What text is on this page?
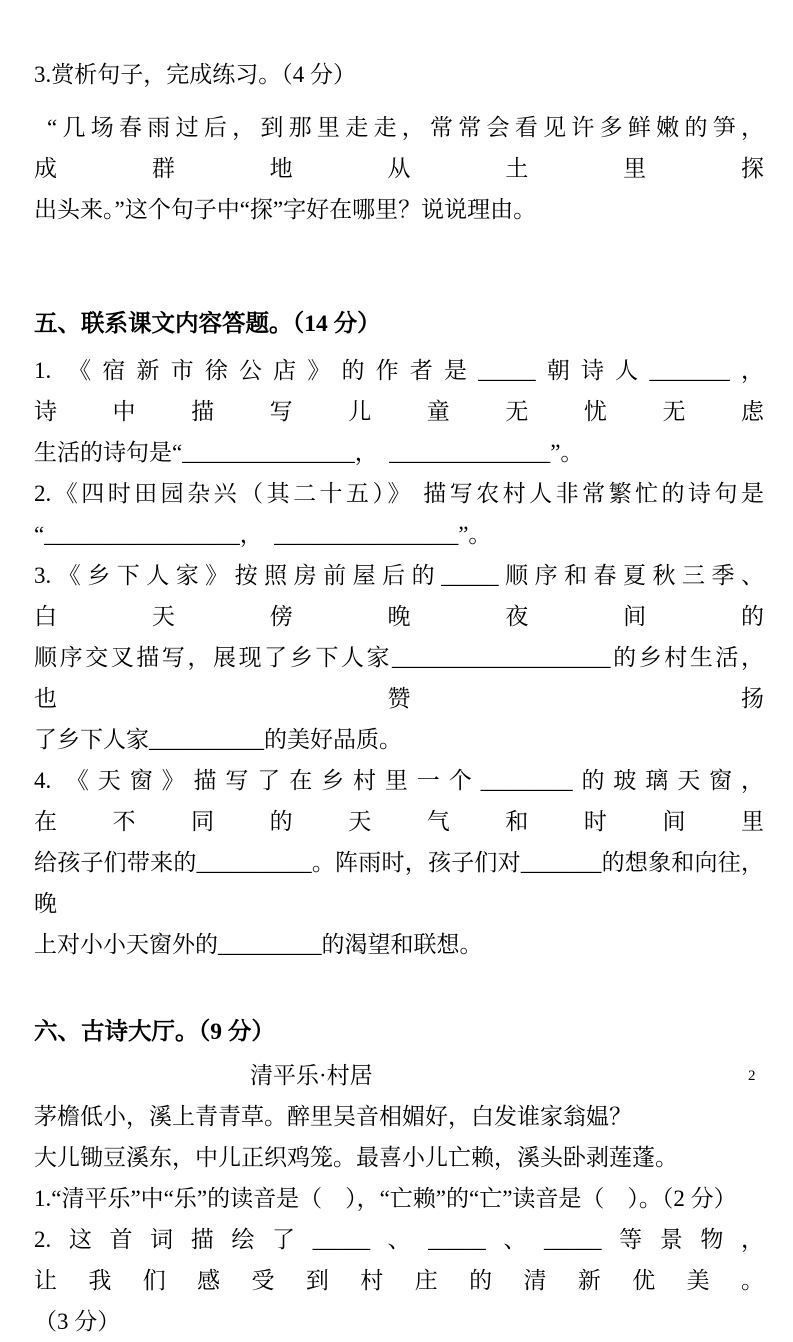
3.赏析句子，完成练习。（4 分）
“几场春雨过后，到那里走走，常常会看见许多鲜嫩的笋，成群地从土里探
出头来。”这个句子中“探”字好在哪里？说说理由。
五、联系课文内容答题。（14 分）
1. 《宿新市徐公店》的作者是_____朝诗人_______，诗中描写儿童无忧无虑
生活的诗句是“_______________，　______________”。
2.《四时田园杂兴（其二十五）》 描写农村人非常繁忙的诗句是
“_________________，　________________”。
3.《乡下人家》按照房前屋后的_____顺序和春夏秋三季、白天傍晚夜间的
顺序交叉描写，展现了乡下人家___________________的乡村生活，也赞扬
了乡下人家__________的美好品质。
4. 《天窗》描写了在乡村里一个________的玻璃天窗，在不同的天气和时间里
给孩子们带来的__________。阵雨时，孩子们对_______的想象和向往，晚
上对小小天窗外的_________的渴望和联想。
六、古诗大厅。（9 分）
清平乐·村居
茅檐低小，溪上青青草。醉里吴音相媚好，白发谁家翁媪？
大儿锄豆溪东，中儿正织鸡笼。最喜小儿亡赖，溪头卧剥莲蓬。
1.“清平乐”中“乐”的读音是（　），“亡赖”的“亡”读音是（　）。（2 分）
2.这首词描绘了_____、_____、_____等景物，让我们感受到村庄的清新优美。
（3 分）
2
